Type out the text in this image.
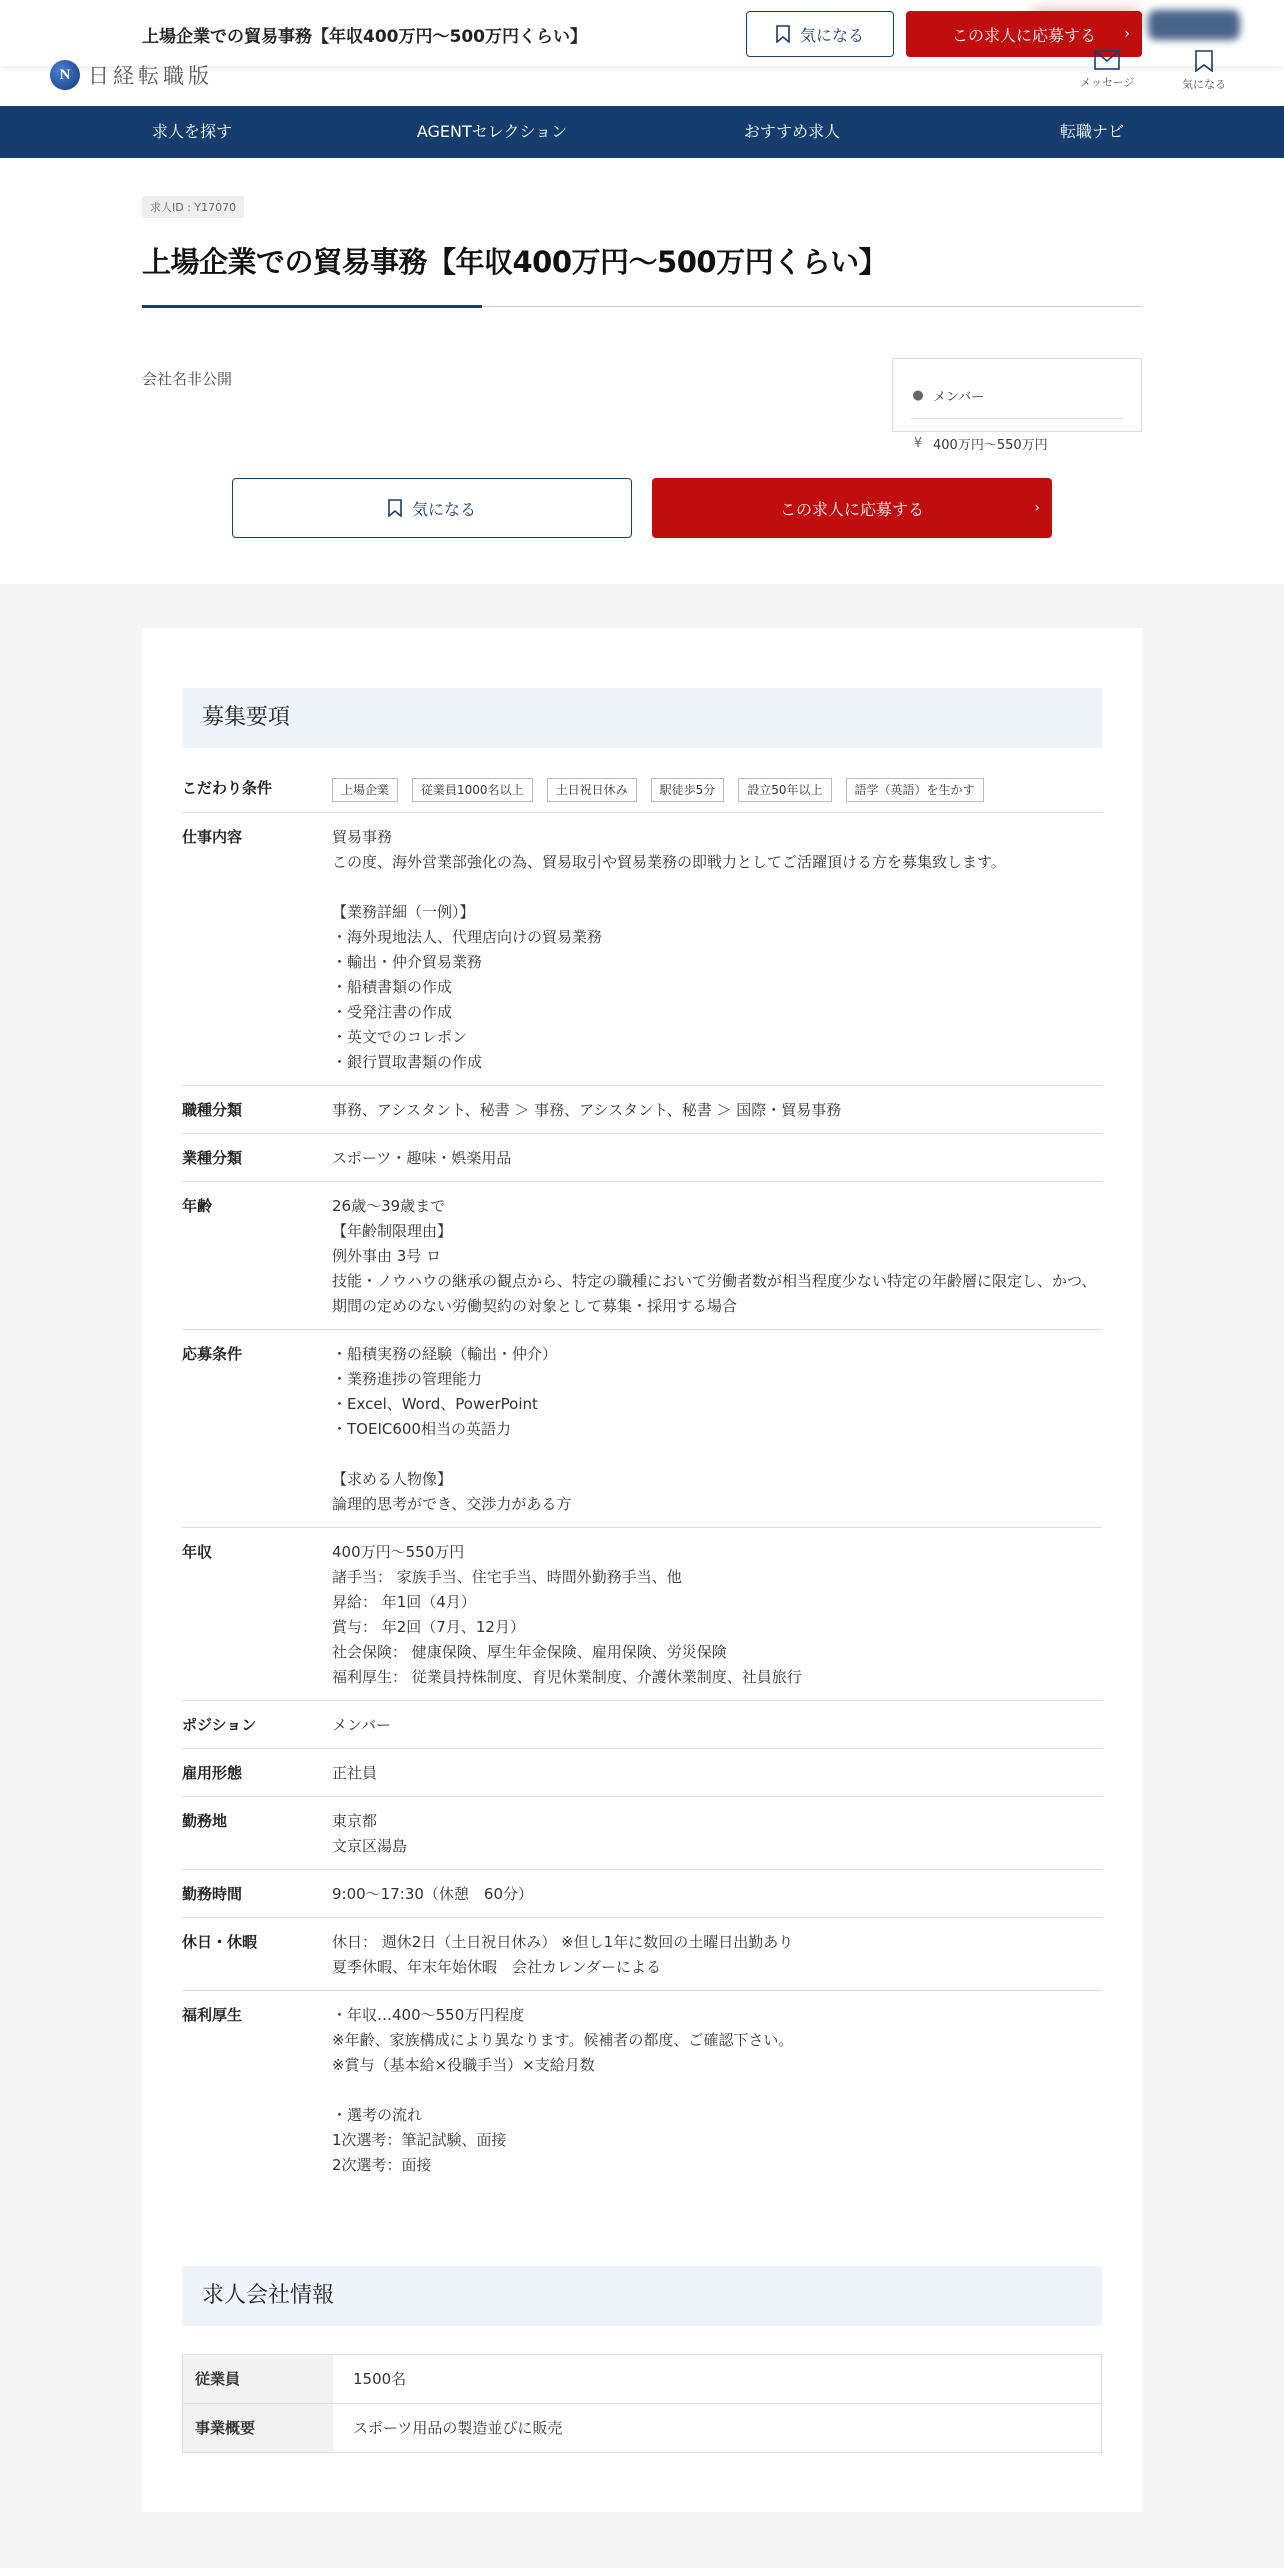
上場企業での貿易事務【年収400万円～500万円くらい】	気になる	この求人に応募する ›
N 日経転職版	メッセージ	気になる
求人を探す	AGENTセレクション	おすすめ求人	転職ナビ
求人ID : Y17070
上場企業での貿易事務【年収400万円～500万円くらい】
会社名非公開
● メンバー
¥ 400万円～550万円
気になる	この求人に応募する	›
募集要項
こだわり条件	上場企業	従業員1000名以上	土日祝日休み	駅徒歩5分	設立50年以上	語学（英語）を生かす
仕事内容	貿易事務
この度、海外営業部強化の為、貿易取引や貿易業務の即戦力としてご活躍頂ける方を募集致します。

【業務詳細（一例）】
・海外現地法人、代理店向けの貿易業務
・輸出・仲介貿易業務
・船積書類の作成
・受発注書の作成
・英文でのコレポン
・銀行買取書類の作成
職種分類	事務、アシスタント、秘書 ＞ 事務、アシスタント、秘書 ＞ 国際・貿易事務
業種分類	スポーツ・趣味・娯楽用品
年齢	26歳～39歳まで
【年齢制限理由】
例外事由 3号 ロ
技能・ノウハウの継承の観点から、特定の職種において労働者数が相当程度少ない特定の年齢層に限定し、かつ、 期間の定めのない労働契約の対象として募集・採用する場合
応募条件	・船積実務の経験（輸出・仲介）
・業務進捗の管理能力
・Excel、Word、PowerPoint
・TOEIC600相当の英語力

【求める人物像】
論理的思考ができ、交渉力がある方
年収	400万円～550万円
諸手当： 家族手当、住宅手当、時間外勤務手当、他
昇給： 年1回（4月）
賞与： 年2回（7月、12月）
社会保険： 健康保険、厚生年金保険、雇用保険、労災保険
福利厚生： 従業員持株制度、育児休業制度、介護休業制度、社員旅行
ポジション	メンバー
雇用形態	正社員
勤務地	東京都
文京区湯島
勤務時間	9:00～17:30（休憩　60分）
休日・休暇	休日： 週休2日（土日祝日休み） ※但し1年に数回の土曜日出勤あり
夏季休暇、年末年始休暇　会社カレンダーによる
福利厚生	・年収…400～550万円程度
※年齢、家族構成により異なります。候補者の都度、ご確認下さい。
※賞与（基本給×役職手当）×支給月数

・選考の流れ
1次選考：筆記試験、面接
2次選考：面接
求人会社情報
従業員	1500名
事業概要	スポーツ用品の製造並びに販売
